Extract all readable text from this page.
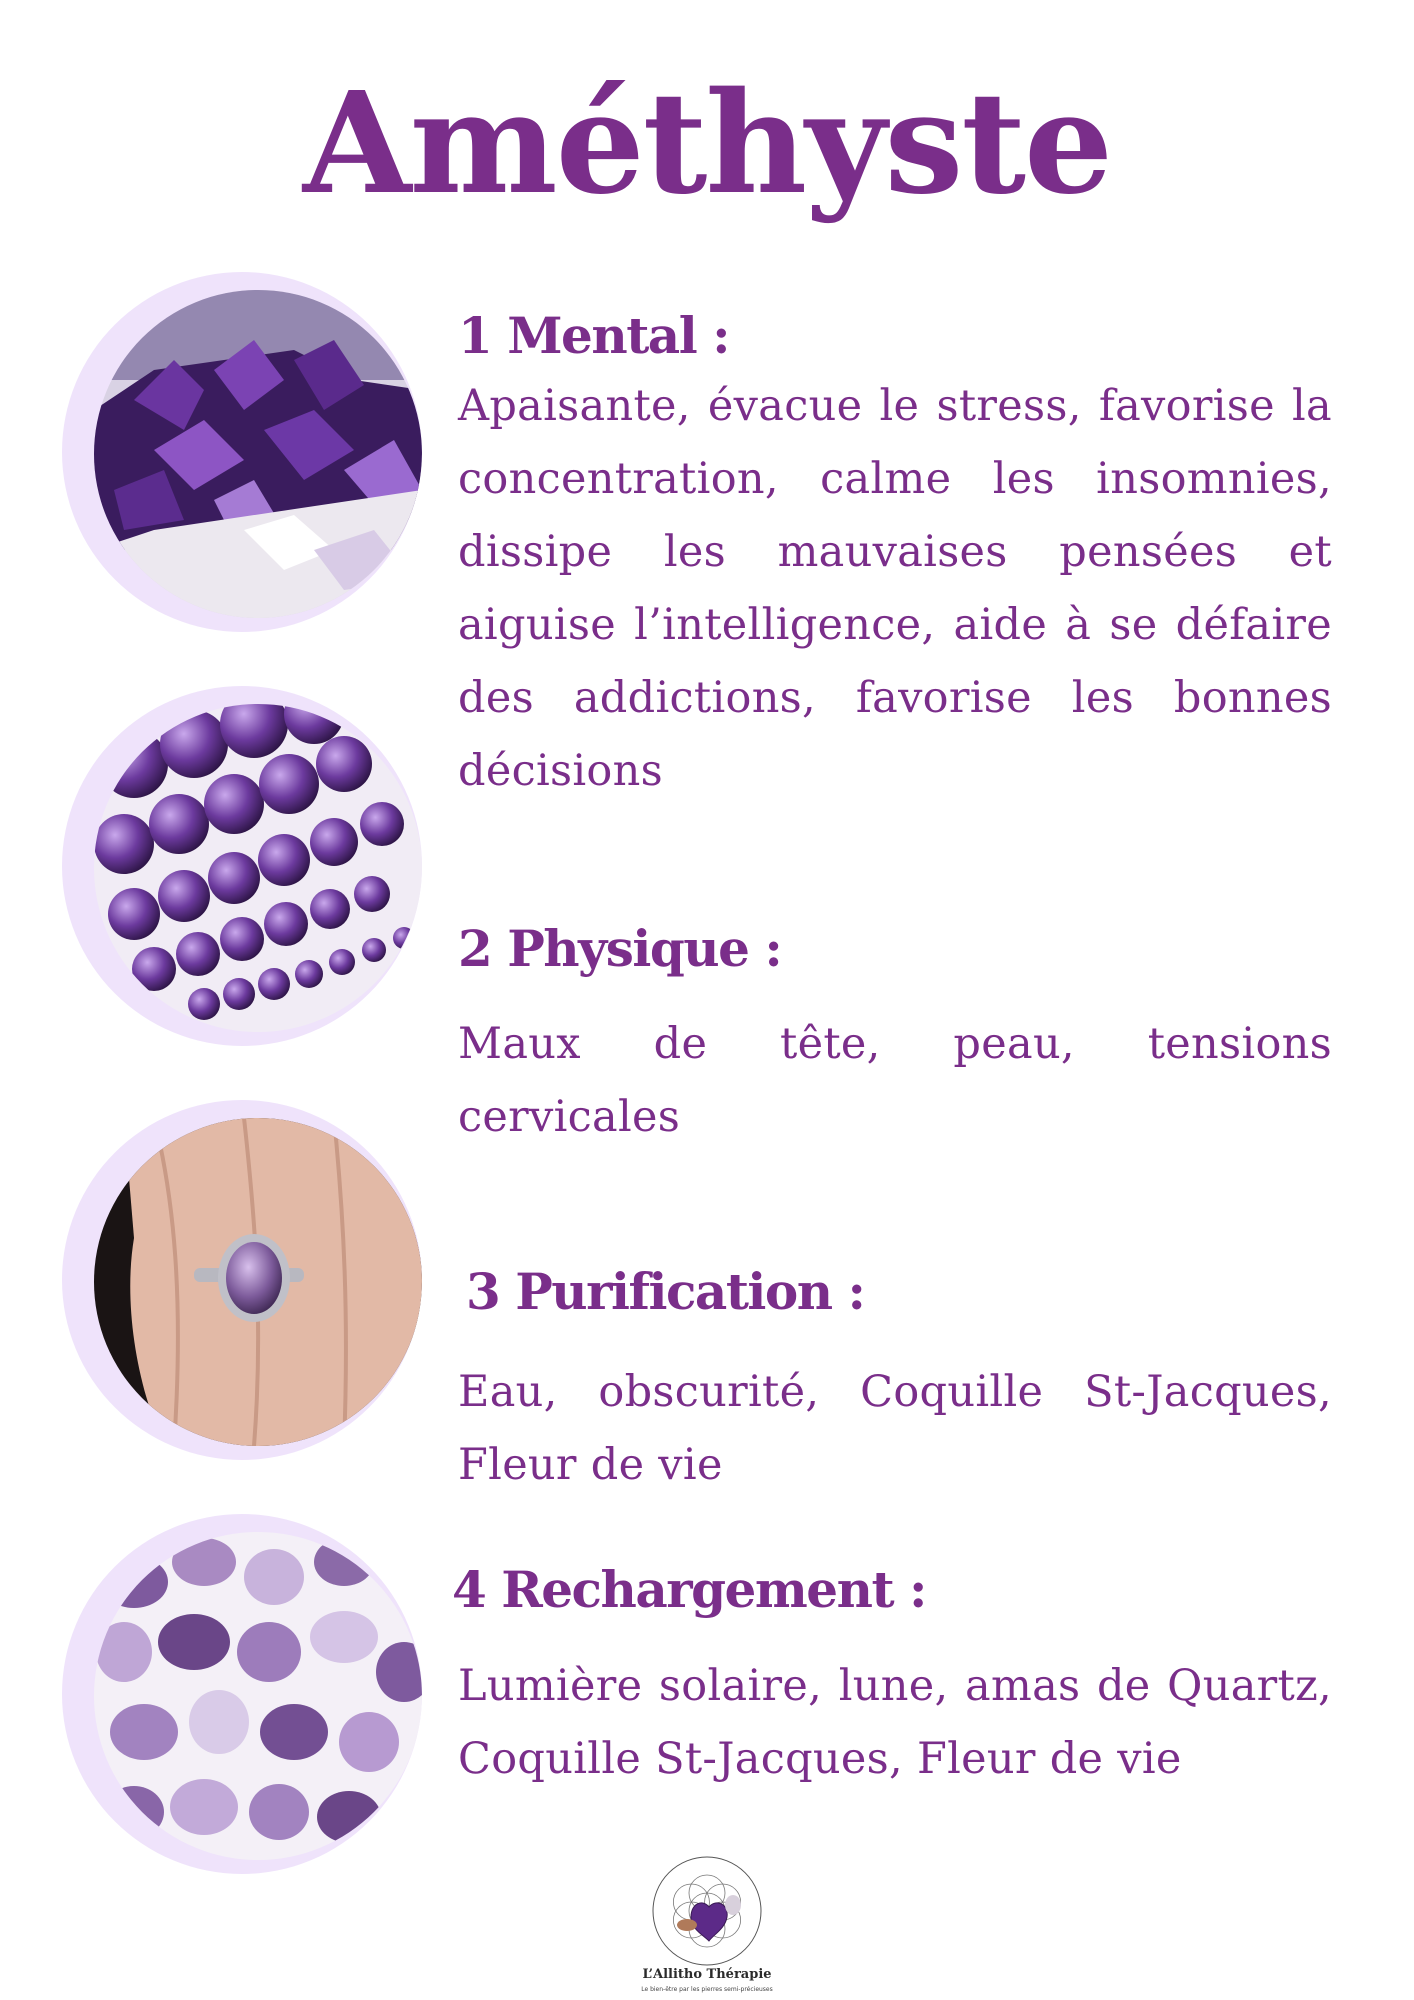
Améthyste
1 Mental :

Apaisante, évacue le stress, favorise la concentration, calme les insomnies, dissipe les mauvaises pensées et aiguise l’intelligence, aide à se défaire des addictions, favorise les bonnes décisions

2 Physique :

Maux de tête, peau, tensions cervicales

3 Purification :

Eau, obscurité, Coquille St-Jacques, Fleur de vie

4 Rechargement :

Lumière solaire, lune, amas de Quartz, Coquille St-Jacques, Fleur de vie

L’Allitho Thérapie
Le bien-être par les pierres semi-précieuses
